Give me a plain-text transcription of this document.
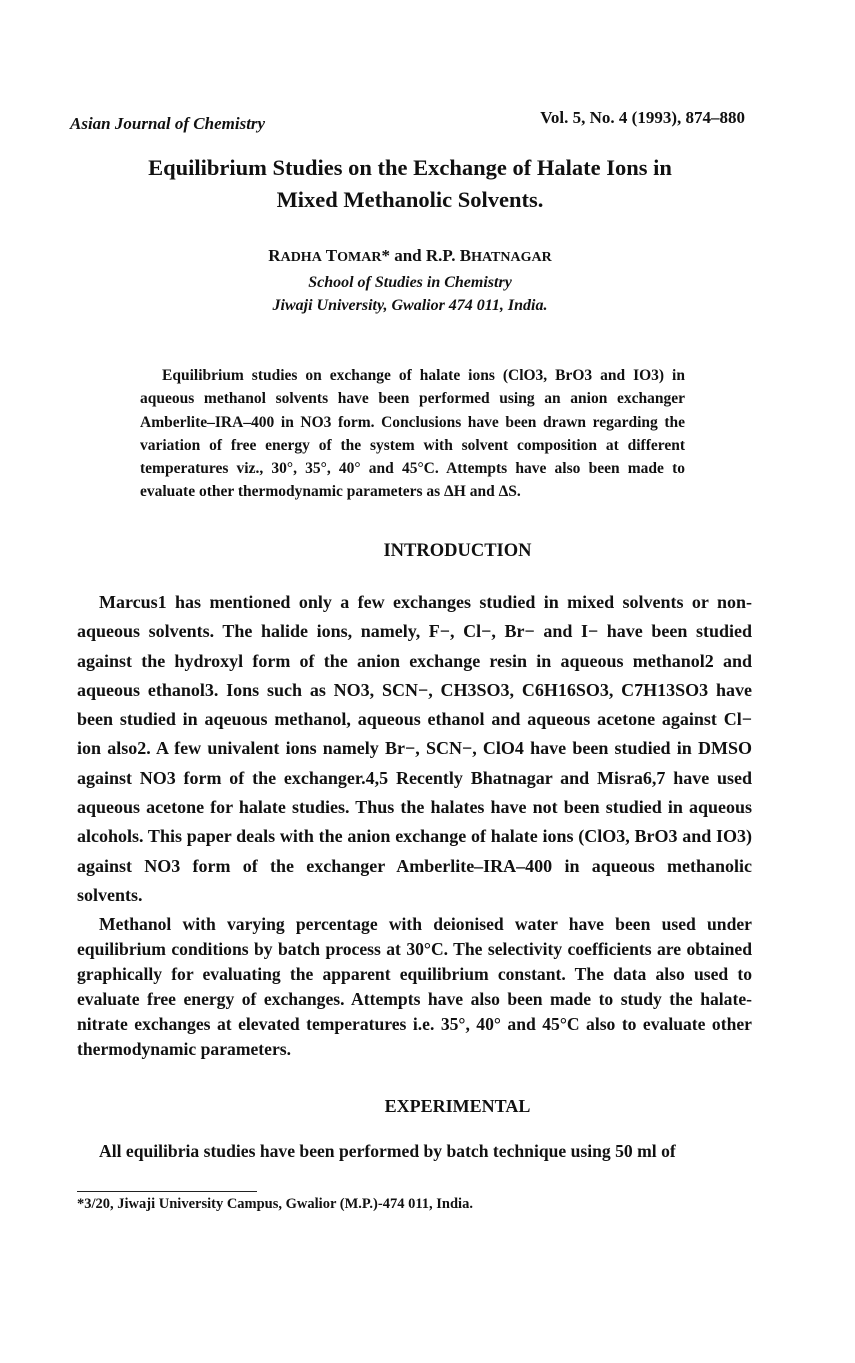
Asian Journal of Chemistry	Vol. 5, No. 4 (1993), 874–880
Equilibrium Studies on the Exchange of Halate Ions in
Mixed Methanolic Solvents.
RADHA TOMAR* and R.P. BHATNAGAR
School of Studies in Chemistry
Jiwaji University, Gwalior 474 011, India.

Equilibrium studies on exchange of halate ions (ClO3, BrO3 and IO3) in aqueous methanol solvents have been performed using an anion exchanger Amberlite–IRA–400 in NO3 form. Conclusions have been drawn regarding the variation of free energy of the system with solvent composition at different temperatures viz., 30°, 35°, 40° and 45°C. Attempts have also been made to evaluate other thermodynamic parameters as ΔH and ΔS.

INTRODUCTION

Marcus1 has mentioned only a few exchanges studied in mixed solvents or non-aqueous solvents. The halide ions, namely, F−, Cl−, Br− and I− have been studied against the hydroxyl form of the anion exchange resin in aqueous methanol2 and aqueous ethanol3. Ions such as NO3, SCN−, CH3SO3, C6H16SO3, C7H13SO3 have been studied in aqeuous methanol, aqueous ethanol and aqueous acetone against Cl− ion also2. A few univalent ions namely Br−, SCN−, ClO4 have been studied in DMSO against NO3 form of the exchanger.4,5 Recently Bhatnagar and Misra6,7 have used aqueous acetone for halate studies. Thus the halates have not been studied in aqueous alcohols. This paper deals with the anion exchange of halate ions (ClO3, BrO3 and IO3) against NO3 form of the exchanger Amberlite–IRA–400 in aqueous methanolic solvents.

Methanol with varying percentage with deionised water have been used under equilibrium conditions by batch process at 30°C. The selectivity coefficients are obtained graphically for evaluating the apparent equilibrium constant. The data also used to evaluate free energy of exchanges. Attempts have also been made to study the halate-nitrate exchanges at elevated temperatures i.e. 35°, 40° and 45°C also to evaluate other thermodynamic parameters.

EXPERIMENTAL

All equilibria studies have been performed by batch technique using 50 ml of

*3/20, Jiwaji University Campus, Gwalior (M.P.)-474 011, India.
